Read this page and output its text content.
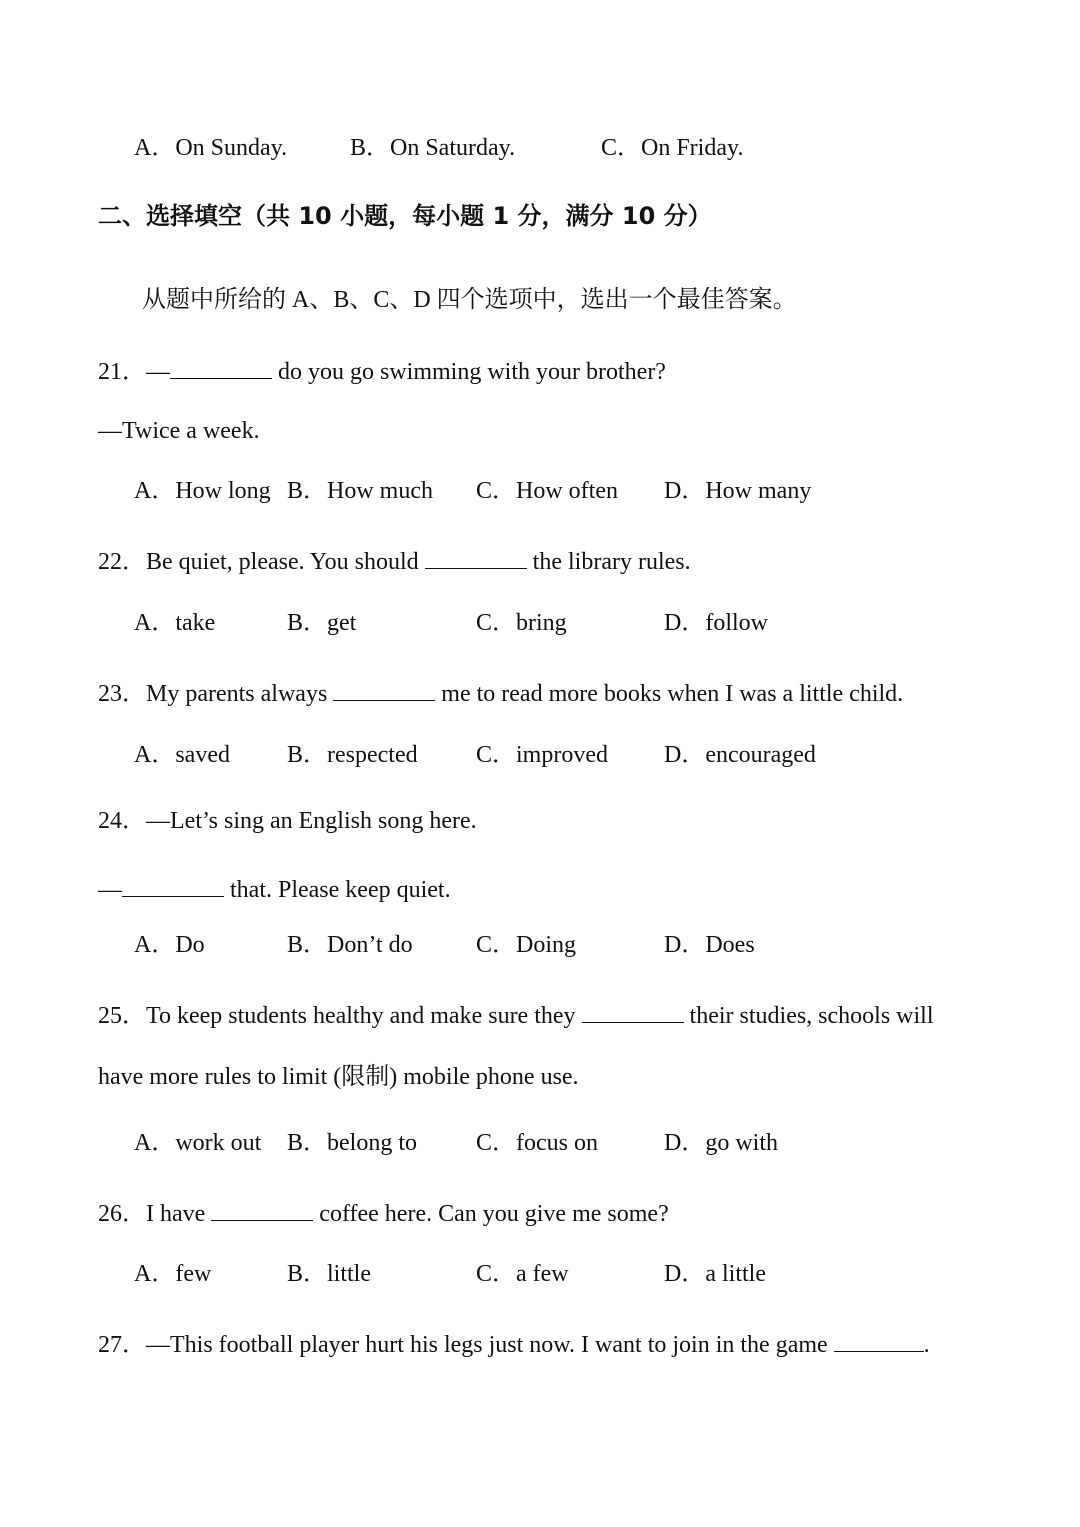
A．On Sunday.	B．On Saturday.	C．On Friday.
二、选择填空（共 10 小题，每小题 1 分，满分 10 分）
从题中所给的 A、B、C、D 四个选项中，选出一个最佳答案。
21．—	do you go swimming with your brother?
—Twice a week.
A．How long B．How much C．How often D．How many
22．Be quiet, please. You should	the library rules.
A．take	B．get	C．bring	D．follow
23．My parents always	me to read more books when I was a little child.
A．saved B．respected C．improved D．encouraged
24．—Let’s sing an English song here.
—	that. Please keep quiet.
A．Do	B．Don’t do	C．Doing	D．Does
25．To keep students healthy and make sure they	their studies, schools will
have more rules to limit (限制) mobile phone use.
A．work out B．belong to C．focus on	D．go with
26．I have	coffee here. Can you give me some?
A．few	B．little	C．a few	D．a little
27．—This football player hurt his legs just now. I want to join in the game	.
